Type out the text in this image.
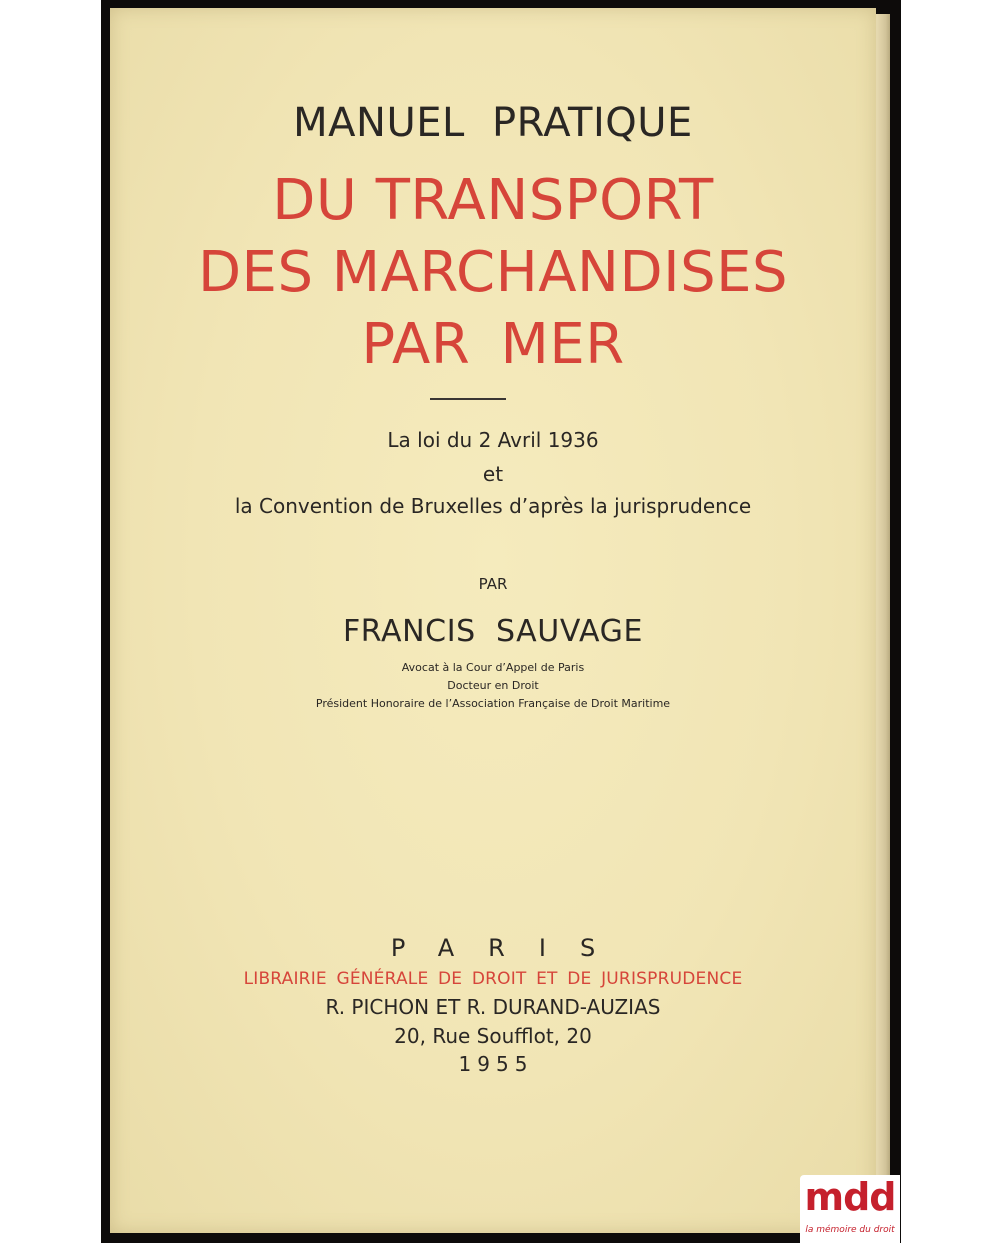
MANUEL PRATIQUE
DU TRANSPORT
DES MARCHANDISES
PAR MER
La loi du 2 Avril 1936
et
la Convention de Bruxelles d’après la jurisprudence
PAR
FRANCIS SAUVAGE
Avocat à la Cour d’Appel de Paris
Docteur en Droit
Président Honoraire de l’Association Française de Droit Maritime
PARIS
LIBRAIRIE GÉNÉRALE DE DROIT ET DE JURISPRUDENCE
R. PICHON ET R. DURAND-AUZIAS
20, Rue Soufflot, 20
1955
mdd
la mémoire du droit
